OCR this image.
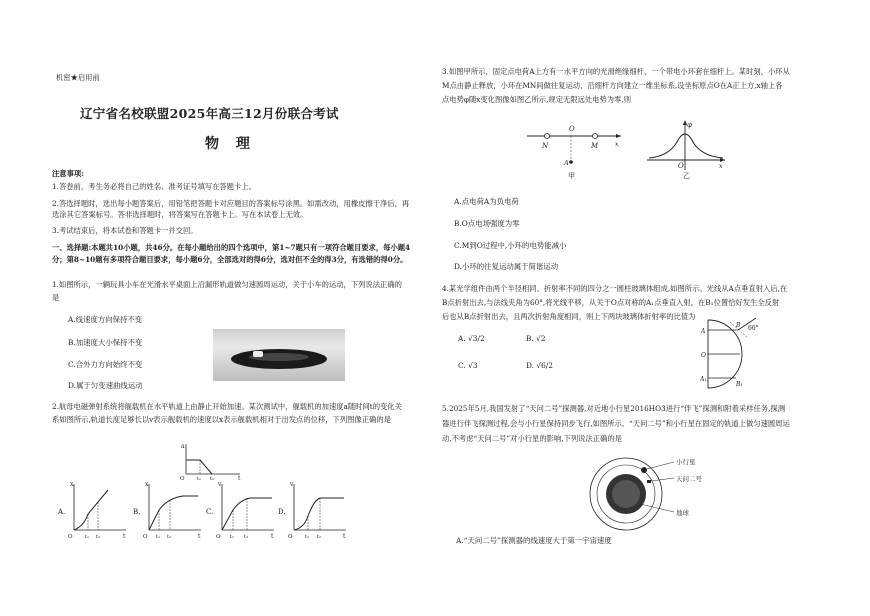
机密★启用前
辽宁省名校联盟2025年高三12月份联合考试
物 理
注意事项:
1.答卷前，考生务必将自己的姓名、准考证号填写在答题卡上。
2.答选择题时，选出每小题答案后，用铅笔把答题卡对应题目的答案标号涂黑。如需改动，用橡皮擦干净后，再
选涂其它答案标号。答非选择题时，将答案写在答题卡上。写在本试卷上无效。
3.考试结束后，将本试卷和答题卡一并交回。
一、选择题:本题共10小题，共46分。在每小题给出的四个选项中，第1~7题只有一项符合题目要求，每小题4
分；第8~10题有多项符合题目要求，每小题6分，全部选对的得6分，选对但不全的得3分，有选错的得0分。
1.如图所示，一辆玩具小车在光滑水平桌面上沿漏形轨道做匀速圆周运动，关于小车的运动，下列说法正确的
是
A.线速度方向保持不变
B.加速度大小保持不变
C.合外力方向始终不变
D.属于匀变速曲线运动
2.航母电磁弹射系统将舰载机在水平轨道上由静止开始加速。某次测试中，舰载机的加速度a随时间t的变化关
系如图所示,轨道长度足够长以v表示舰载机的速度以x表示舰载机相对于出发点的位移，下列图像正确的是
a
O t₁ t₂	t
A.
x
O t₁ t₂	t
B.
x
O t₁ t₂	t
C.
v
O t₁ t₂	t
D.
v
O t₁ t₂	t
3.如图甲所示，固定点电荷A上方有一水平方向的光滑绝缘细杆，一个带电小环套在细杆上。某时刻，小环从
M点由静止释放，小环在MN间做往复运动，沿细杆方向建立一维坐标系,设坐标原点O在A正上方,x轴上各
点电势φ随x变化图像如图乙所示,规定无限远处电势为零,则
O
N	M	x
A
甲
φ
O	x
乙
A.点电荷A为负电荷
B.O点电场强度为零
C.M到O过程中,小环的电势能减小
D.小环的往复运动属于简谐运动
4.某光学组件由两个半径相同、折射率不同的四分之一圆柱玻璃体组成,如图所示。光线从A点垂直射入后,在
B点折射出去,与法线夹角为60°,将光线平移，从关于O点对称的A₁点垂直入射，在B₁位置恰好发生全反射
后也从B点折射出去，且两次折射角度相同，则上下两块玻璃体折射率的比值为
A. √3/2	B. √2
C. √3	D. √6/2
B 60°
A
O
A₁
B₁
5.2025年5月,我国发射了“天问二号”探测器,对近地小行星2016HO3进行“伴飞”探测和附着采样任务,探测
器进行伴飞探测过程,会与小行星保持同步飞行,如图所示。“天问二号”和小行星在固定的轨道上做匀速圆周运
动,不考虑“天问二号”对小行星的影响,下列说法正确的是
小行星
天问二号
地球
A.“天问二号”探测器的线速度大于第一宇宙速度
